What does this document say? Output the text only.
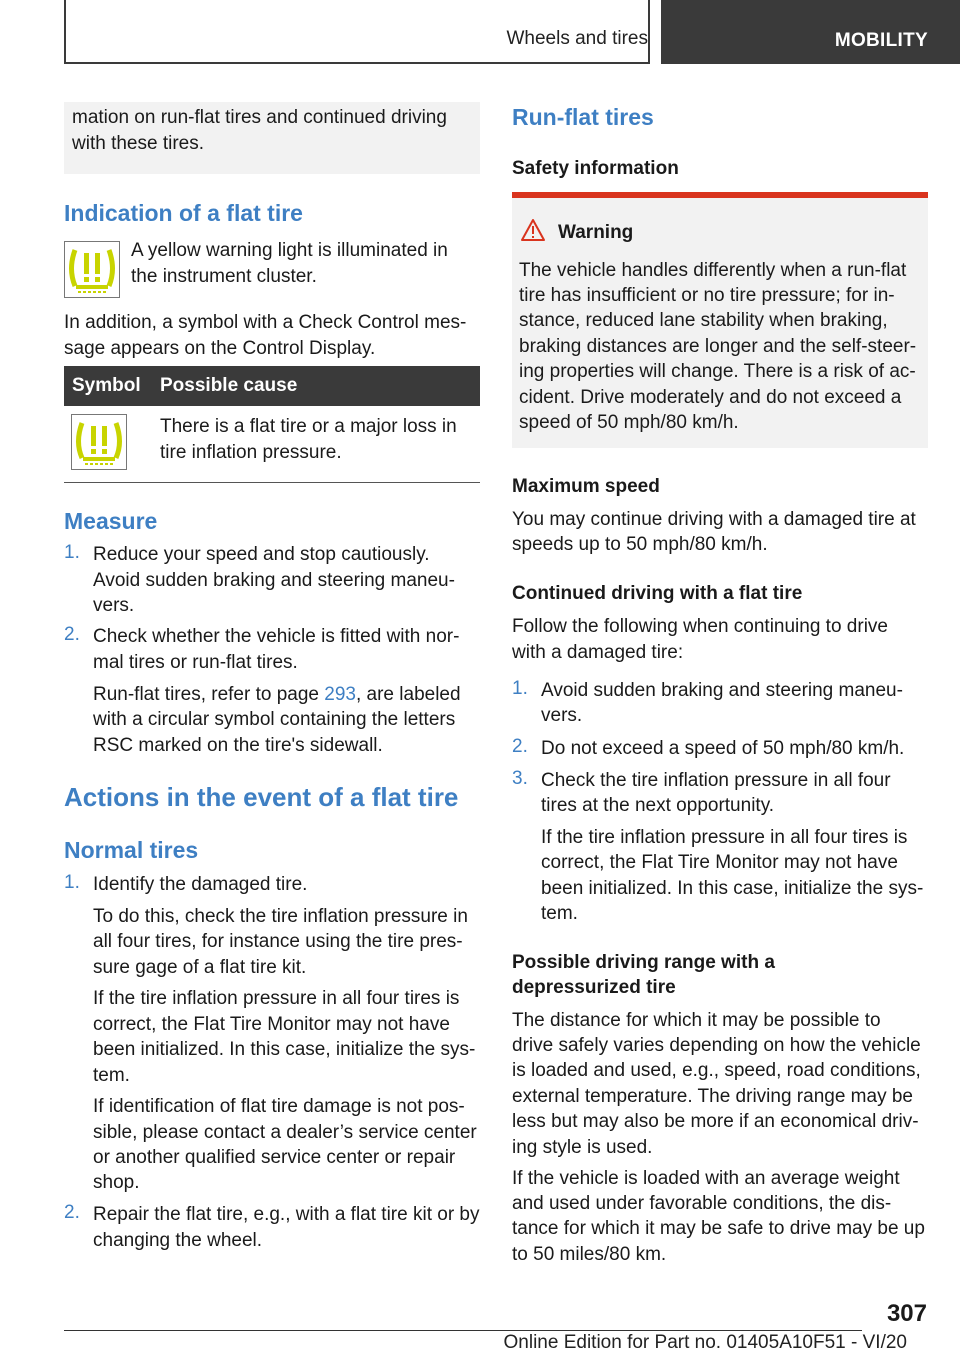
Wheels and tires	MOBILITY

mation on run-flat tires and continued driving

with these tires.

Indication of a flat tire

A yellow warning light is illuminated in

the instrument cluster.

In addition, a symbol with a Check Control mes-

sage appears on the Control Display.

Symbol Possible cause

There is a flat tire or a major loss in

tire inflation pressure.

Measure
1. Reduce your speed and stop cautiously.

Avoid sudden braking and steering maneu-

vers.

2. Check whether the vehicle is fitted with nor-

mal tires or run-flat tires.

Run-flat tires, refer to page 293, are labeled

with a circular symbol containing the letters

RSC marked on the tire's sidewall.

Actions in the event of a flat tire
Normal tires
1. Identify the damaged tire.

To do this, check the tire inflation pressure in

all four tires, for instance using the tire pres-

sure gage of a flat tire kit.

If the tire inflation pressure in all four tires is

correct, the Flat Tire Monitor may not have

been initialized. In this case, initialize the sys-

tem.

If identification of flat tire damage is not pos-

sible, please contact a dealer’s service center

or another qualified service center or repair

shop.

2. Repair the flat tire, e.g., with a flat tire kit or by

changing the wheel.

Run-flat tires
Safety information
Warning

The vehicle handles differently when a run-flat

tire has insufficient or no tire pressure; for in-

stance, reduced lane stability when braking,

braking distances are longer and the self-steer-

ing properties will change. There is a risk of ac-

cident. Drive moderately and do not exceed a

speed of 50 mph/80 km/h.

Maximum speed

You may continue driving with a damaged tire at

speeds up to 50 mph/80 km/h.

Continued driving with a flat tire

Follow the following when continuing to drive

with a damaged tire:

1. Avoid sudden braking and steering maneu-

vers.

2. Do not exceed a speed of 50 mph/80 km/h.

3. Check the tire inflation pressure in all four

tires at the next opportunity.

If the tire inflation pressure in all four tires is

correct, the Flat Tire Monitor may not have

been initialized. In this case, initialize the sys-

tem.

Possible driving range with a
depressurized tire

The distance for which it may be possible to

drive safely varies depending on how the vehicle

is loaded and used, e.g., speed, road conditions,

external temperature. The driving range may be

less but may also be more if an economical driv-

ing style is used.

If the vehicle is loaded with an average weight

and used under favorable conditions, the dis-

tance for which it may be safe to drive may be up

to 50 miles/80 km.

307
Online Edition for Part no. 01405A10F51 - VI/20
